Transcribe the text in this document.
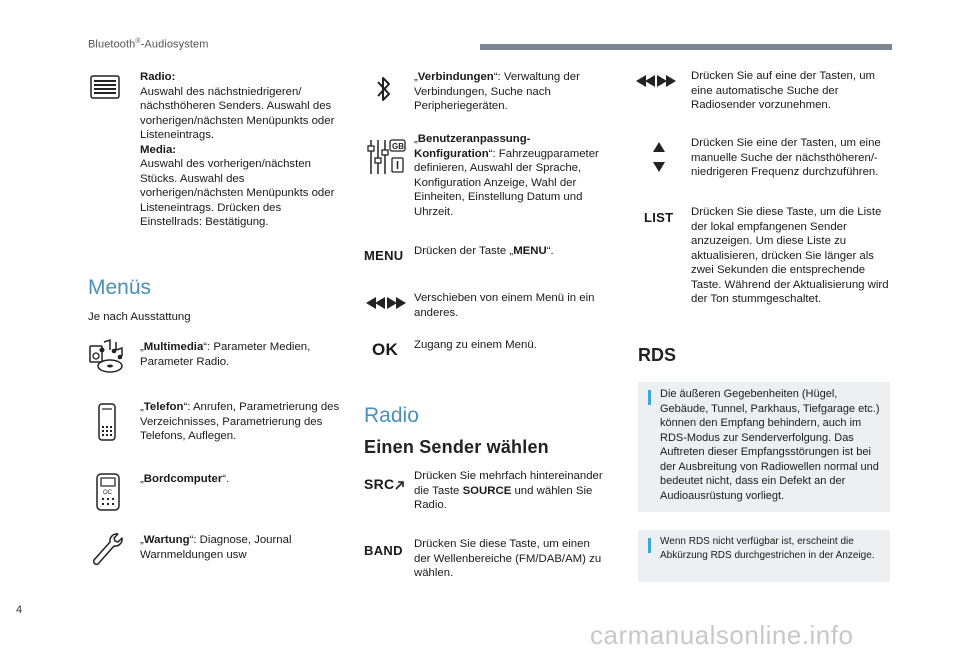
Bluetooth®-Audiosystem
Radio:
Auswahl des nächstniedrigeren/ nächsthöheren Senders. Auswahl des vorherigen/nächsten Menüpunkts oder Listeneintrags.
Media:
Auswahl des vorherigen/nächsten Stücks. Auswahl des vorherigen/nächsten Menüpunkts oder Listeneintrags. Drücken des Einstellrads: Bestätigung.
Menüs
Je nach Ausstattung
„Multimedia“: Parameter Medien, Parameter Radio.
„Telefon“: Anrufen, Parametrierung des Verzeichnisses, Parametrierung des Telefons, Auflegen.
OC
„Bordcomputer“.
„Wartung“: Diagnose, Journal Warnmeldungen usw
„Verbindungen“: Verwaltung der Verbindungen, Suche nach Peripheriegeräten.
GB
„Benutzeranpassung-Konfiguration“: Fahrzeugparameter definieren, Auswahl der Sprache, Konfiguration Anzeige, Wahl der Einheiten, Einstellung Datum und Uhrzeit.
MENU Drücken der Taste „MENU“.
Verschieben von einem Menü in ein anderes.
OK Zugang zu einem Menü.
Radio
Einen Sender wählen
SRC	Drücken Sie mehrfach hintereinander die Taste SOURCE und wählen Sie Radio.
BAND Drücken Sie diese Taste, um einen der Wellenbereiche (FM/DAB/AM) zu wählen.
Drücken Sie auf eine der Tasten, um eine automatische Suche der Radiosender vorzunehmen.
Drücken Sie eine der Tasten, um eine manuelle Suche der nächsthöheren/-niedrigeren Frequenz durchzuführen.
LIST Drücken Sie diese Taste, um die Liste der lokal empfangenen Sender anzuzeigen. Um diese Liste zu aktualisieren, drücken Sie länger als zwei Sekunden die entsprechende Taste. Während der Aktualisierung wird der Ton stummgeschaltet.
RDS
Die äußeren Gegebenheiten (Hügel, Gebäude, Tunnel, Parkhaus, Tiefgarage etc.) können den Empfang behindern, auch im RDS-Modus zur Senderverfolgung. Das Auftreten dieser Empfangsstörungen ist bei der Ausbreitung von Radiowellen normal und bedeutet nicht, dass ein Defekt an der Audioausrüstung vorliegt.
Wenn RDS nicht verfügbar ist, erscheint die Abkürzung RDS durchgestrichen in der Anzeige.
4
carmanualsonline.info
